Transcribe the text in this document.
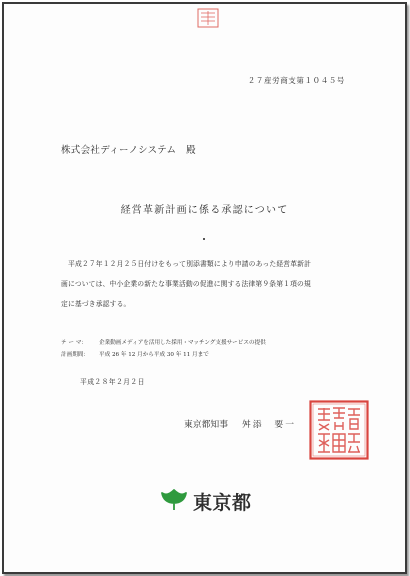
２７産労商支第１０４５号
株式会社ディーノシステム　殿
経営革新計画に係る承認について
平成２７年１２月２５日付けをもって別添書類により申請のあった経営革新計
画については、中小企業の新たな事業活動の促進に関する法律第９条第１項の規
定に基づき承認する。
テ ー マ： 企業動画メディアを活用した採用・マッチング支援サービスの提供
計画期間： 平成 26 年 12 月から平成 30 年 11 月まで
平成２８年２月２日
東京都知事 舛添　要一
東京都
